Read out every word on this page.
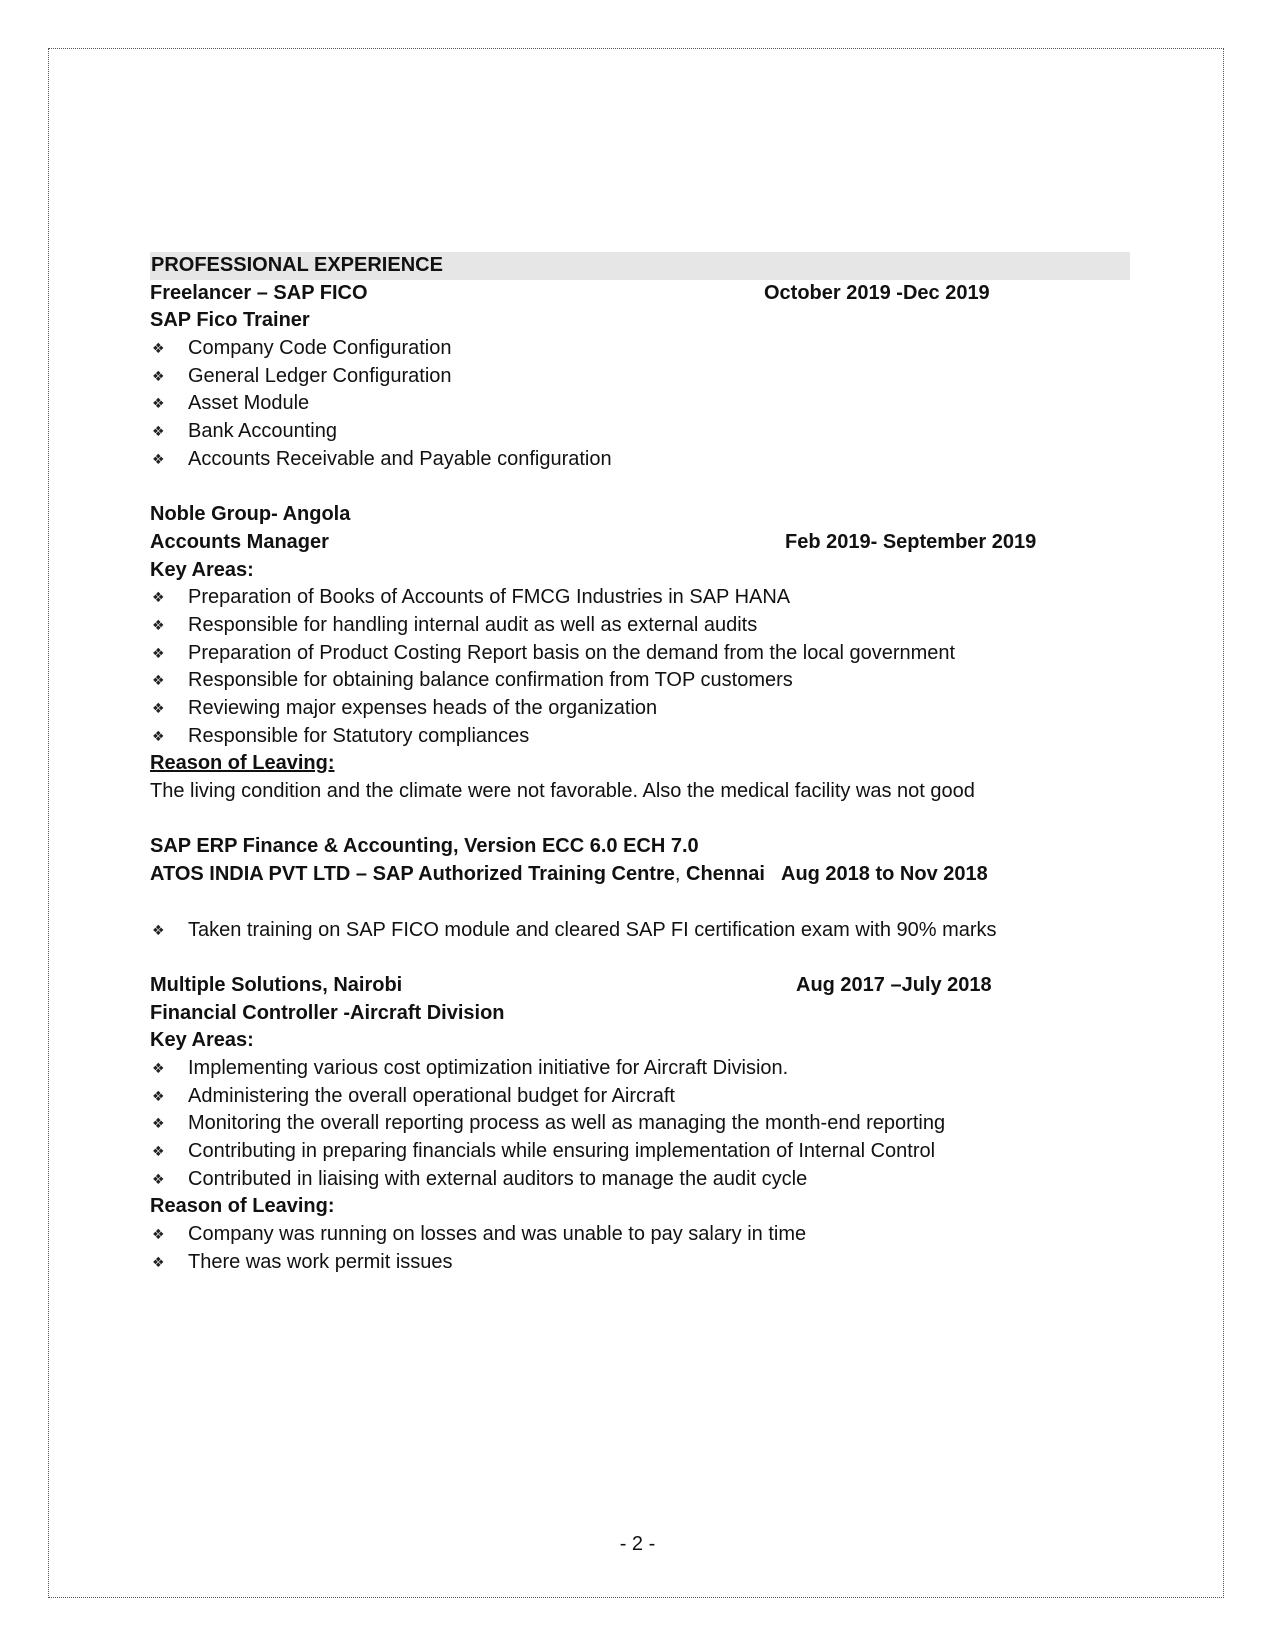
PROFESSIONAL EXPERIENCE
Freelancer – SAP FICO	October 2019 -Dec 2019
SAP Fico Trainer
❖ Company Code Configuration
❖ General Ledger Configuration
❖ Asset Module
❖ Bank Accounting
❖ Accounts Receivable and Payable configuration
Noble Group- Angola
Accounts Manager	Feb 2019- September 2019
Key Areas:
❖ Preparation of Books of Accounts of FMCG Industries in SAP HANA
❖ Responsible for handling internal audit as well as external audits
❖ Preparation of Product Costing Report basis on the demand from the local government
❖ Responsible for obtaining balance confirmation from TOP customers
❖ Reviewing major expenses heads of the organization
❖ Responsible for Statutory compliances
Reason of Leaving:
The living condition and the climate were not favorable. Also the medical facility was not good
SAP ERP Finance & Accounting, Version ECC 6.0 ECH 7.0
ATOS INDIA PVT LTD – SAP Authorized Training Centre, Chennai Aug 2018 to Nov 2018
❖ Taken training on SAP FICO module and cleared SAP FI certification exam with 90% marks
Multiple Solutions, Nairobi	Aug 2017 –July 2018
Financial Controller -Aircraft Division
Key Areas:
❖ Implementing various cost optimization initiative for Aircraft Division.
❖ Administering the overall operational budget for Aircraft
❖ Monitoring the overall reporting process as well as managing the month-end reporting
❖ Contributing in preparing financials while ensuring implementation of Internal Control
❖ Contributed in liaising with external auditors to manage the audit cycle
Reason of Leaving:
❖ Company was running on losses and was unable to pay salary in time
❖ There was work permit issues
- 2 -
